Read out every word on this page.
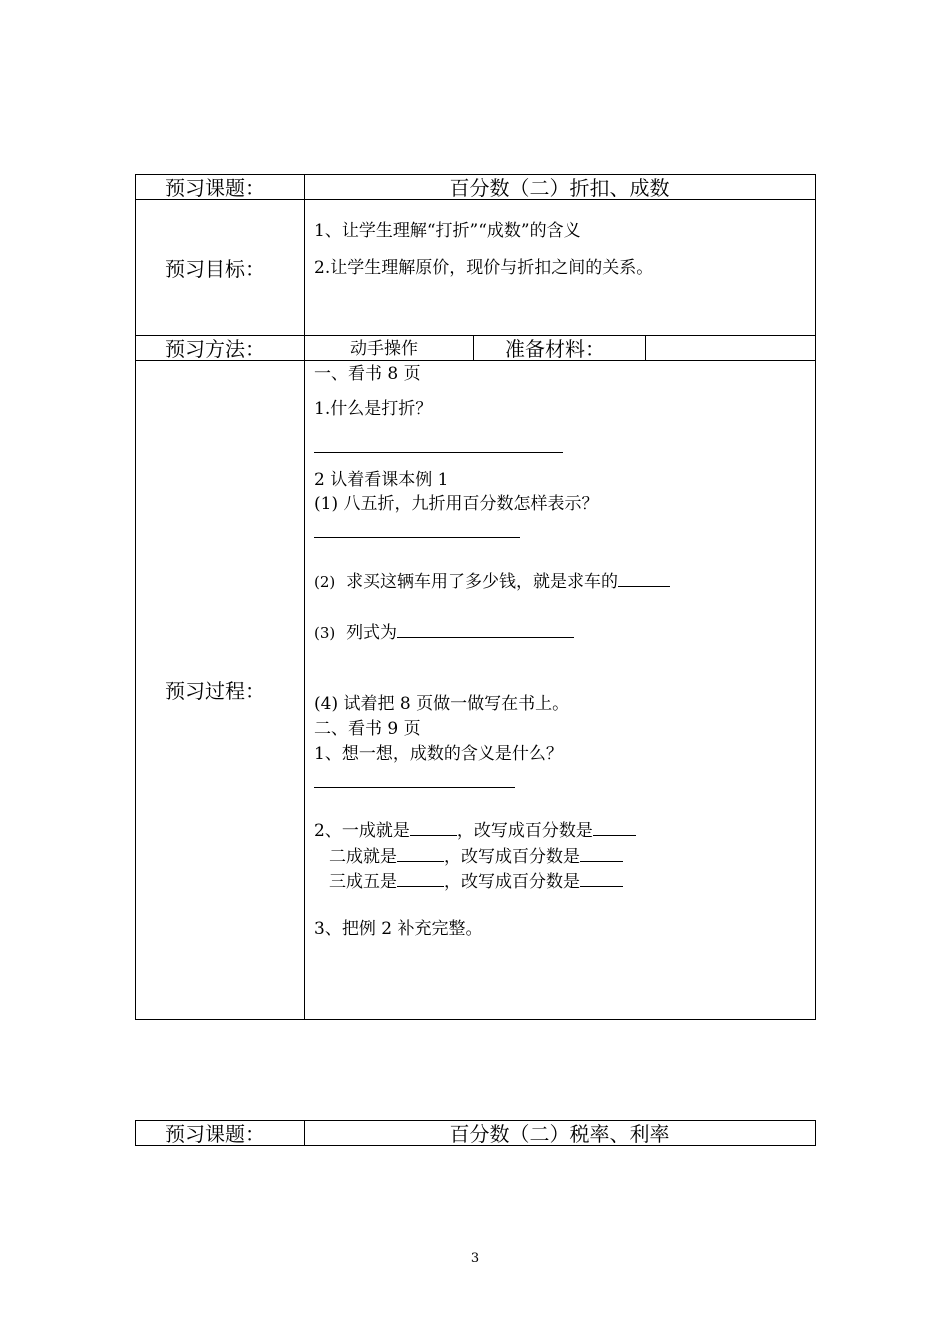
预习课题：	百分数（二）折扣、成数
预习目标：
1、让学生理解“打折”“成数”的含义
2.让学生理解原价，现价与折扣之间的关系。
预习方法：	动手操作	准备材料：
预习过程：
一、看书 8 页
1.什么是打折？
2 认着看课本例 1
(1) 八五折，九折用百分数怎样表示？
(2) 求买这辆车用了多少钱，就是求车的
(3) 列式为
(4) 试着把 8 页做一做写在书上。
二、看书 9 页
1、想一想，成数的含义是什么？
2、一成就是	，改写成百分数是
二成就是	，改写成百分数是
三成五是	，改写成百分数是
3、把例 2 补充完整。
预习课题：	百分数（二）税率、利率
3
